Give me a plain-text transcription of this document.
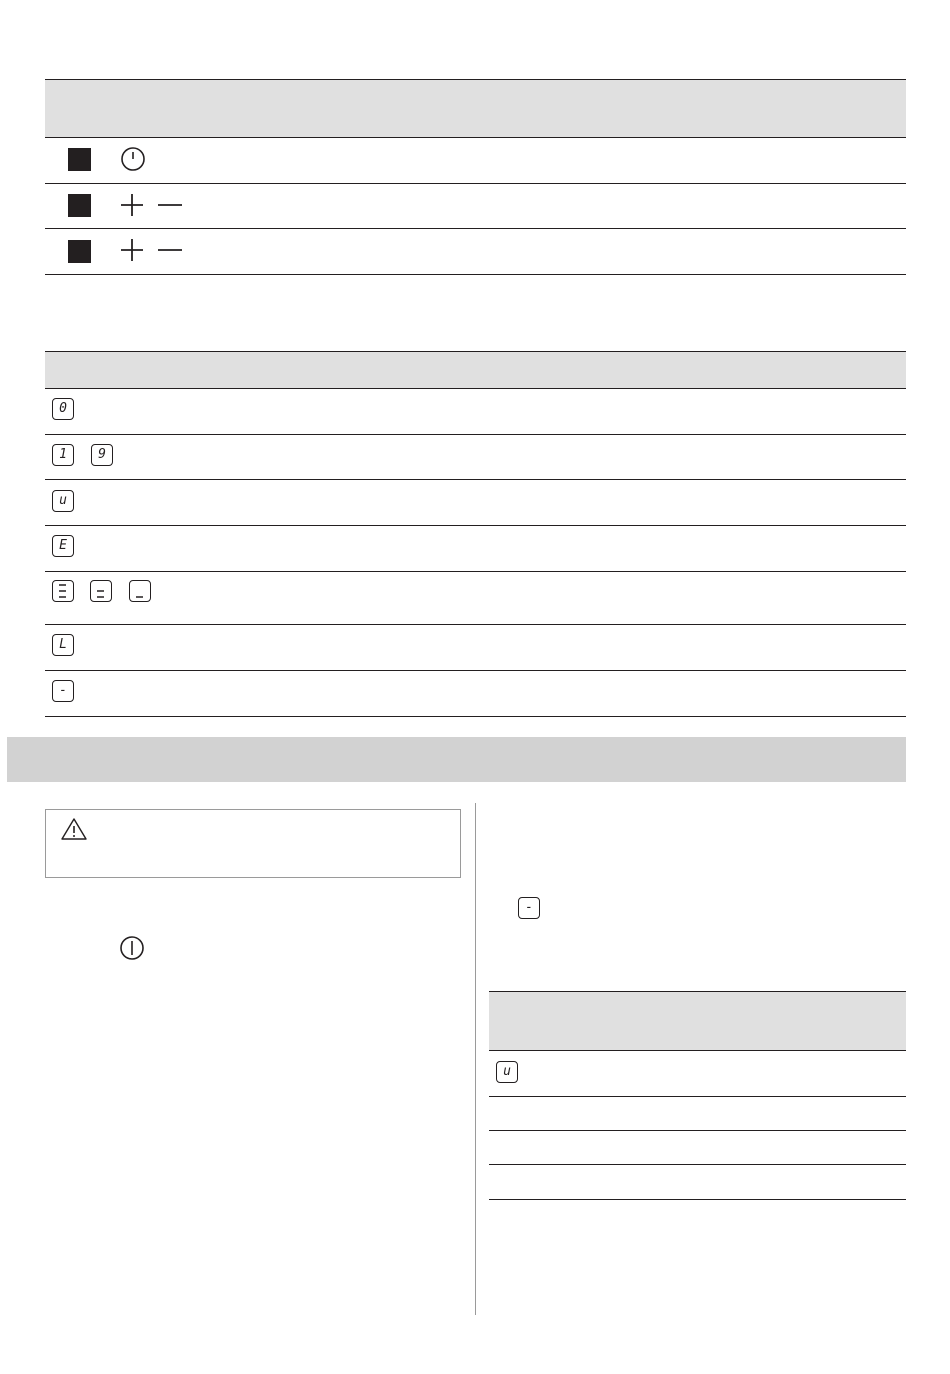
0
1	9
u
E
L
-
-
u
